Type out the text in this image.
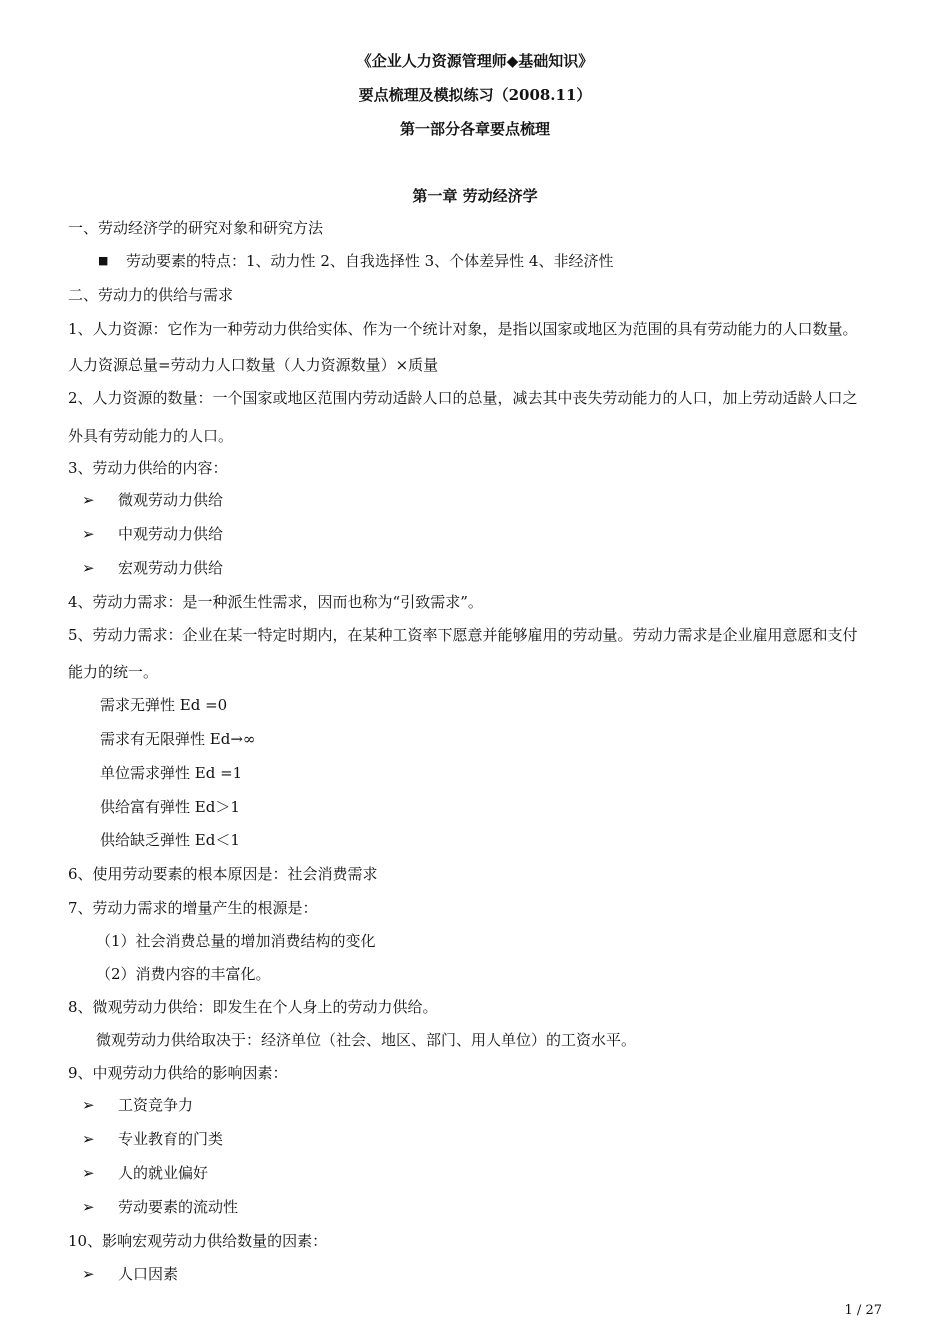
《企业人力资源管理师◆基础知识》
要点梳理及模拟练习（2008.11）
第一部分各章要点梳理
第一章 劳动经济学
一、劳动经济学的研究对象和研究方法
■ 劳动要素的特点：1、动力性 2、自我选择性 3、个体差异性 4、非经济性
二、劳动力的供给与需求
1、人力资源：它作为一种劳动力供给实体、作为一个统计对象，是指以国家或地区为范围的具有劳动能力的人口数量。
人力资源总量=劳动力人口数量（人力资源数量）×质量
2、人力资源的数量：一个国家或地区范围内劳动适龄人口的总量，减去其中丧失劳动能力的人口，加上劳动适龄人口之
外具有劳动能力的人口。
3、劳动力供给的内容：
➢ 微观劳动力供给
➢ 中观劳动力供给
➢ 宏观劳动力供给
4、劳动力需求：是一种派生性需求，因而也称为“引致需求”。
5、劳动力需求：企业在某一特定时期内，在某种工资率下愿意并能够雇用的劳动量。劳动力需求是企业雇用意愿和支付
能力的统一。
需求无弹性 Ed =0
需求有无限弹性 Ed→∞
单位需求弹性 Ed =1
供给富有弹性 Ed＞1
供给缺乏弹性 Ed＜1
6、使用劳动要素的根本原因是：社会消费需求
7、劳动力需求的增量产生的根源是：
（1）社会消费总量的增加消费结构的变化
（2）消费内容的丰富化。
8、微观劳动力供给：即发生在个人身上的劳动力供给。
微观劳动力供给取决于：经济单位（社会、地区、部门、用人单位）的工资水平。
9、中观劳动力供给的影响因素：
➢ 工资竞争力
➢ 专业教育的门类
➢ 人的就业偏好
➢ 劳动要素的流动性
10、影响宏观劳动力供给数量的因素：
➢ 人口因素
1 / 27
